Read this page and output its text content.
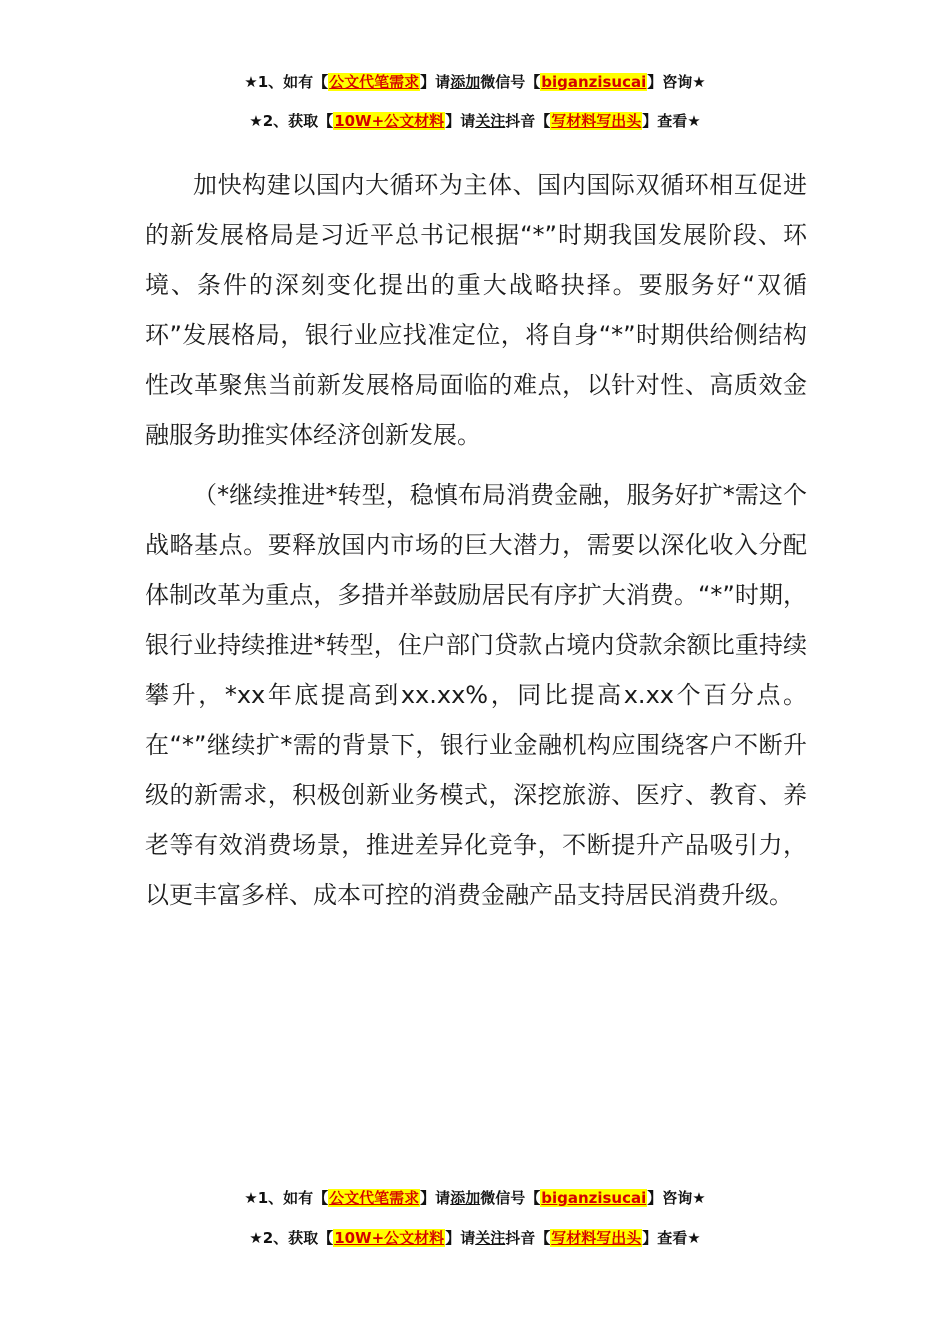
★1、如有【公文代笔需求】请添加微信号【biganzisucai】咨询★
★2、获取【10W+公文材料】请关注抖音【写材料写出头】查看★

加快构建以国内大循环为主体、国内国际双循环相互促进的新发展格局是习近平总书记根据“*”时期我国发展阶段、环境、条件的深刻变化提出的重大战略抉择。要服务好“双循环”发展格局，银行业应找准定位，将自身“*”时期供给侧结构性改革聚焦当前新发展格局面临的难点，以针对性、高质效金融服务助推实体经济创新发展。

（*继续推进*转型，稳慎布局消费金融，服务好扩*需这个战略基点。要释放国内市场的巨大潜力，需要以深化收入分配体制改革为重点，多措并举鼓励居民有序扩大消费。“*”时期，银行业持续推进*转型，住户部门贷款占境内贷款余额比重持续攀升，*xx年底提高到xx.xx%，同比提高x.xx个百分点。在“*”继续扩*需的背景下，银行业金融机构应围绕客户不断升级的新需求，积极创新业务模式，深挖旅游、医疗、教育、养老等有效消费场景，推进差异化竞争，不断提升产品吸引力，以更丰富多样、成本可控的消费金融产品支持居民消费升级。

★1、如有【公文代笔需求】请添加微信号【biganzisucai】咨询★
★2、获取【10W+公文材料】请关注抖音【写材料写出头】查看★
